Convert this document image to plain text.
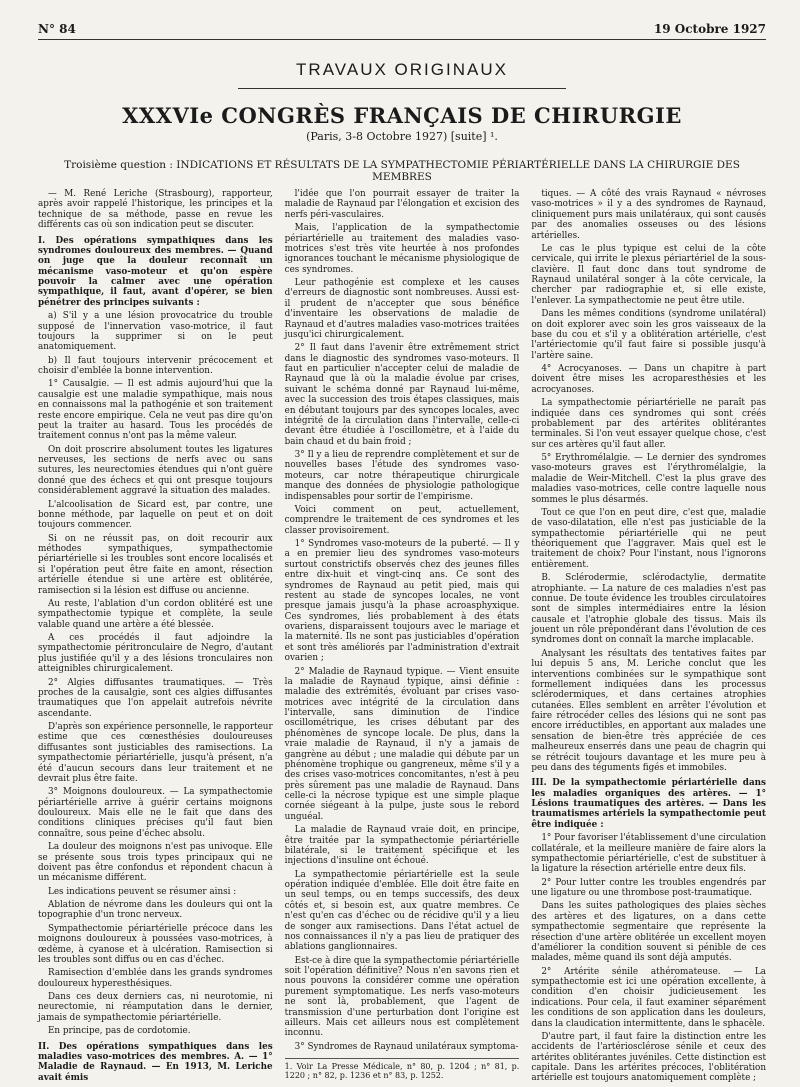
N° 84	19 Octobre 1927
TRAVAUX ORIGINAUX
XXXVIe CONGRÈS FRANÇAIS DE CHIRURGIE
(Paris, 3-8 Octobre 1927) [suite] ¹.
Troisième question : INDICATIONS ET RÉSULTATS DE LA SYMPATHECTOMIE PÉRIARTÉRIELLE DANS LA CHIRURGIE DES MEMBRES

— M. René Leriche (Strasbourg), rapporteur, après avoir rappelé l'historique, les principes et la technique de sa méthode, passe en revue les différents cas où son indication peut se discuter.

I. Des opérations sympathiques dans les syndromes douloureux des membres. — Quand on juge que la douleur reconnaît un mécanisme vaso-moteur et qu'on espère pouvoir la calmer avec une opération sympathique, il faut, avant d'opérer, se bien pénétrer des principes suivants :

a) S'il y a une lésion provocatrice du trouble supposé de l'innervation vaso-motrice, il faut toujours la supprimer si on le peut anatomiquement.

b) Il faut toujours intervenir précocement et choisir d'emblée la bonne intervention.

1° Causalgie. — Il est admis aujourd'hui que la causalgie est une maladie sympathique, mais nous en connaissons mal la pathogénie et son traitement reste encore empirique. Cela ne veut pas dire qu'on peut la traiter au hasard. Tous les procédés de traitement connus n'ont pas la même valeur.

On doit proscrire absolument toutes les ligatures nerveuses, les sections de nerfs avec ou sans sutures, les neurectomies étendues qui n'ont guère donné que des échecs et qui ont presque toujours considérablement aggravé la situation des malades.

L'alcoolisation de Sicard est, par contre, une bonne méthode, par laquelle on peut et on doit toujours commencer.

Si on ne réussit pas, on doit recourir aux méthodes sympathiques, sympathectomie périartérielle si les troubles sont encore localisés et si l'opération peut être faite en amont, résection artérielle étendue si une artère est oblitérée, ramisection si la lésion est diffuse ou ancienne.

Au reste, l'ablation d'un cordon oblitéré est une sympathectomie typique et complète, la seule valable quand une artère a été blessée.

A ces procédés il faut adjoindre la sympathectomie péritronculaire de Negro, d'autant plus justifiée qu'il y a des lésions tronculaires non atteignibles chirurgicalement.

2° Algies diffusantes traumatiques. — Très proches de la causalgie, sont ces algies diffusantes traumatiques que l'on appelait autrefois névrite ascendante.

D'après son expérience personnelle, le rapporteur estime que ces cœnesthésies douloureuses diffusantes sont justiciables des ramisections. La sympathectomie périartérielle, jusqu'à présent, n'a été d'aucun secours dans leur traitement et ne devrait plus être faite.

3° Moignons douloureux. — La sympathectomie périartérielle arrive à guérir certains moignons douloureux. Mais elle ne le fait que dans des conditions cliniques précises qu'il faut bien connaître, sous peine d'échec absolu.

La douleur des moignons n'est pas univoque. Elle se présente sous trois types principaux qui ne doivent pas être confondus et répondent chacun à un mécanisme différent.

Les indications peuvent se résumer ainsi :

Ablation de névrome dans les douleurs qui ont la topographie d'un tronc nerveux.

Sympathectomie périartérielle précoce dans les moignons douloureux à poussées vaso-motrices, à œdème, à cyanose et à ulcération. Ramisection si les troubles sont diffus ou en cas d'échec.

Ramisection d'emblée dans les grands syndromes douloureux hyperesthésiques.

Dans ces deux derniers cas, ni neurotomie, ni neurectomie, ni réamputation dans le dernier, jamais de sympathectomie périartérielle.

En principe, pas de cordotomie.

II. Des opérations sympathiques dans les maladies vaso-motrices des membres. A. — 1° Maladie de Raynaud. — En 1913, M. Leriche avait émis

l'idée que l'on pourrait essayer de traiter la maladie de Raynaud par l'élongation et excision des nerfs péri-vasculaires.

Mais, l'application de la sympathectomie périartérielle au traitement des maladies vaso-motrices s'est très vite heurtée à nos profondes ignorances touchant le mécanisme physiologique de ces syndromes.

Leur pathogénie est complexe et les causes d'erreurs de diagnostic sont nombreuses. Aussi est-il prudent de n'accepter que sous bénéfice d'inventaire les observations de maladie de Raynaud et d'autres maladies vaso-motrices traitées jusqu'ici chirurgicalement.

2° Il faut dans l'avenir être extrêmement strict dans le diagnostic des syndromes vaso-moteurs. Il faut en particulier n'accepter celui de maladie de Raynaud que là où la maladie évolue par crises, suivant le schéma donné par Raynaud lui-même, avec la succession des trois étapes classiques, mais en débutant toujours par des syncopes locales, avec intégrité de la circulation dans l'intervalle, celle-ci devant être étudiée à l'oscillomètre, et à l'aide du bain chaud et du bain froid ;

3° Il y a lieu de reprendre complètement et sur de nouvelles bases l'étude des syndromes vaso-moteurs, car notre thérapeutique chirurgicale manque des données de physiologie pathologique indispensables pour sortir de l'empirisme.

Voici comment on peut, actuellement, comprendre le traitement de ces syndromes et les classer provisoirement.

1° Syndromes vaso-moteurs de la puberté. — Il y a en premier lieu des syndromes vaso-moteurs surtout constrictifs observés chez des jeunes filles entre dix-huit et vingt-cinq ans. Ce sont des syndromes de Raynaud au petit pied, mais qui restent au stade de syncopes locales, ne vont presque jamais jusqu'à la phase acroasphyxique. Ces syndromes, liés probablement à des états ovariens, disparaissent toujours avec le mariage et la maternité. Ils ne sont pas justiciables d'opération et sont très améliorés par l'administration d'extrait ovarien ;

2° Maladie de Raynaud typique. — Vient ensuite la maladie de Raynaud typique, ainsi définie : maladie des extrémités, évoluant par crises vaso-motrices avec intégrité de la circulation dans l'intervalle, sans diminution de l'indice oscillométrique, les crises débutant par des phénomènes de syncope locale. De plus, dans la vraie maladie de Raynaud, il n'y a jamais de gangrène au début ; une maladie qui débute par un phénomène trophique ou gangreneux, même s'il y a des crises vaso-motrices concomitantes, n'est à peu près sûrement pas une maladie de Raynaud. Dans celle-ci la nécrose typique est une simple plaque cornée siégeant à la pulpe, juste sous le rebord unguéal.

La maladie de Raynaud vraie doit, en principe, être traitée par la sympathectomie périartérielle bilatérale, si le traitement spécifique et les injections d'insuline ont échoué.

La sympathectomie périartérielle est la seule opération indiquée d'emblée. Elle doit être faite en un seul temps, ou en temps successifs, des deux côtés et, si besoin est, aux quatre membres. Ce n'est qu'en cas d'échec ou de récidive qu'il y a lieu de songer aux ramisections. Dans l'état actuel de nos connaissances il n'y a pas lieu de pratiquer des ablations ganglionnaires.

Est-ce à dire que la sympathectomie périartérielle soit l'opération définitive? Nous n'en savons rien et nous pouvons la considérer comme une opération purement symptomatique. Les nerfs vaso-moteurs ne sont là, probablement, que l'agent de transmission d'une perturbation dont l'origine est ailleurs. Mais cet ailleurs nous est complètement inconnu.

3° Syndromes de Raynaud unilatéraux symptoma-

1. Voir La Presse Médicale, n° 80, p. 1204 ; n° 81, p. 1220 ; n° 82, p. 1236 et n° 83, p. 1252.

tiques. — A côté des vrais Raynaud « névroses vaso-motrices » il y a des syndromes de Raynaud, cliniquement purs mais unilatéraux, qui sont causés par des anomalies osseuses ou des lésions artérielles.

Le cas le plus typique est celui de la côte cervicale, qui irrite le plexus périartériel de la sous-clavière. Il faut donc dans tout syndrome de Raynaud unilatéral songer à la côte cervicale, la chercher par radiographie et, si elle existe, l'enlever. La sympathectomie ne peut être utile.

Dans les mêmes conditions (syndrome unilatéral) on doit explorer avec soin les gros vaisseaux de la base du cou et s'il y a oblitération artérielle, c'est l'artériectomie qu'il faut faire si possible jusqu'à l'artère saine.

4° Acrocyanoses. — Dans un chapitre à part doivent être mises les acroparesthésies et les acrocyanoses.

La sympathectomie périartérielle ne paraît pas indiquée dans ces syndromes qui sont créés probablement par des artérites oblitérantes terminales. Si l'on veut essayer quelque chose, c'est sur ces artères qu'il faut aller.

5° Erythromélalgie. — Le dernier des syndromes vaso-moteurs graves est l'érythromélalgie, la maladie de Weir-Mitchell. C'est la plus grave des maladies vaso-motrices, celle contre laquelle nous sommes le plus désarmés.

Tout ce que l'on en peut dire, c'est que, maladie de vaso-dilatation, elle n'est pas justiciable de la sympathectomie périartérielle qui ne peut théoriquement que l'aggraver. Mais quel est le traitement de choix? Pour l'instant, nous l'ignorons entièrement.

B. Sclérodermie, sclérodactylie, dermatite atrophiante. — La nature de ces maladies n'est pas connue. De toute évidence les troubles circulatoires sont de simples intermédiaires entre la lésion causale et l'atrophie globale des tissus. Mais ils jouent un rôle prépondérant dans l'évolution de ces syndromes dont on connaît la marche implacable.

Analysant les résultats des tentatives faites par lui depuis 5 ans, M. Leriche conclut que les interventions combinées sur le sympathique sont formellement indiquées dans les processus sclérodermiques, et dans certaines atrophies cutanées. Elles semblent en arrêter l'évolution et faire rétrocéder celles des lésions qui ne sont pas encore irréductibles, en apportant aux malades une sensation de bien-être très appréciée de ces malheureux enserrés dans une peau de chagrin qui se rétrécit toujours davantage et les mure peu à peu dans des téguments figés et immobiles.

III. De la sympathectomie périartérielle dans les maladies organiques des artères. — 1° Lésions traumatiques des artères. — Dans les traumatismes artériels la sympathectomie peut être indiquée :

1° Pour favoriser l'établissement d'une circulation collatérale, et la meilleure manière de faire alors la sympathectomie périartérielle, c'est de substituer à la ligature la résection artérielle entre deux fils.

2° Pour lutter contre les troubles engendrés par une ligature ou une thrombose post-traumatique.

Dans les suites pathologiques des plaies sèches des artères et des ligatures, on a dans cette sympathectomie segmentaire que représente la résection d'une artère oblitérée un excellent moyen d'améliorer la condition souvent si pénible de ces malades, même quand ils sont déjà amputés.

2° Artérite sénile athéromateuse. — La sympathectomie est ici une opération excellente, à condition d'en choisir judicieusement les indications. Pour cela, il faut examiner séparément les conditions de son application dans les douleurs, dans la claudication intermittente, dans le sphacèle.

D'autre part, il faut faire la distinction entre les accidents de l'artériosclérose sénile et ceux des artérites oblitérantes juvéniles. Cette distinction est capitale. Dans les artérites précoces, l'oblitération artérielle est toujours anatomiquement complète ;
